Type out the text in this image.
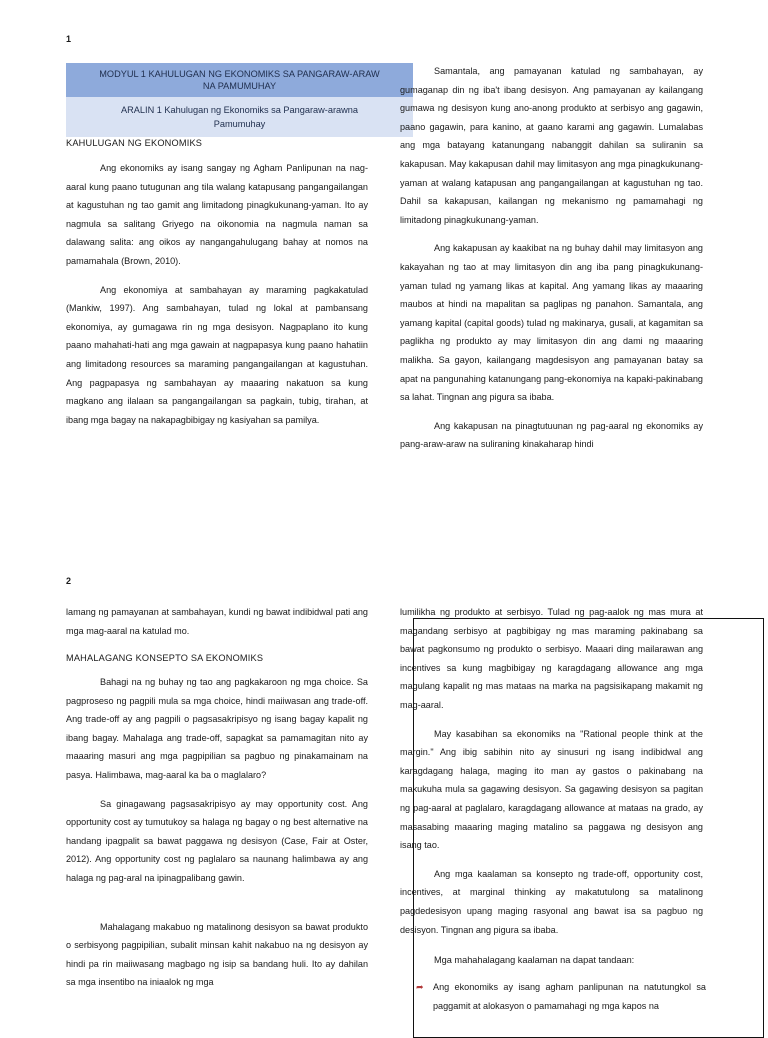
1
MODYUL 1 KAHULUGAN NG EKONOMIKS SA PANGARAW-ARAW NA PAMUMUHAY
ARALIN 1 Kahulugan ng Ekonomiks sa Pangaraw-arawna Pamumuhay
KAHULUGAN NG EKONOMIKS

Ang ekonomiks ay isang sangay ng Agham Panlipunan na nag-aaral kung paano tutugunan ang tila walang katapusang pangangailangan at kagustuhan ng tao gamit ang limitadong pinagkukunang-yaman. Ito ay nagmula sa salitang Griyego na oikonomia na nagmula naman sa dalawang salita: ang oikos ay nangangahulugang bahay at nomos na pamamahala (Brown, 2010).

Ang ekonomiya at sambahayan ay maraming pagkakatulad (Mankiw, 1997). Ang sambahayan, tulad ng lokal at pambansang ekonomiya, ay gumagawa rin ng mga desisyon. Nagpaplano ito kung paano mahahati-hati ang mga gawain at nagpapasya kung paano hahatiin ang limitadong resources sa maraming pangangailangan at kagustuhan. Ang pagpapasya ng sambahayan ay maaaring nakatuon sa kung magkano ang ilalaan sa pangangailangan sa pagkain, tubig, tirahan, at ibang mga bagay na nakapagbibigay ng kasiyahan sa pamilya.

Samantala, ang pamayanan katulad ng sambahayan, ay gumaganap din ng iba't ibang desisyon. Ang pamayanan ay kailangang gumawa ng desisyon kung ano-anong produkto at serbisyo ang gagawin, paano gagawin, para kanino, at gaano karami ang gagawin. Lumalabas ang mga batayang katanungang nabanggit dahilan sa suliranin sa kakapusan. May kakapusan dahil may limitasyon ang mga pinagkukunang-yaman at walang katapusan ang pangangailangan at kagustuhan ng tao. Dahil sa kakapusan, kailangan ng mekanismo ng pamamahagi ng limitadong pinagkukunang-yaman.

Ang kakapusan ay kaakibat na ng buhay dahil may limitasyon ang kakayahan ng tao at may limitasyon din ang iba pang pinagkukunang-yaman tulad ng yamang likas at kapital. Ang yamang likas ay maaaring maubos at hindi na mapalitan sa paglipas ng panahon. Samantala, ang yamang kapital (capital goods) tulad ng makinarya, gusali, at kagamitan sa paglikha ng produkto ay may limitasyon din ang dami ng maaaring malikha. Sa gayon, kailangang magdesisyon ang pamayanan batay sa apat na pangunahing katanungang pang-ekonomiya na kapaki-pakinabang sa lahat. Tingnan ang pigura sa ibaba.

Ang kakapusan na pinagtutuunan ng pag-aaral ng ekonomiks ay pang-araw-araw na suliraning kinakaharap hindi

2

lamang ng pamayanan at sambahayan, kundi ng bawat indibidwal pati ang mga mag-aaral na katulad mo.

MAHALAGANG KONSEPTO SA EKONOMIKS

Bahagi na ng buhay ng tao ang pagkakaroon ng mga choice. Sa pagproseso ng pagpili mula sa mga choice, hindi maiiwasan ang trade-off. Ang trade-off ay ang pagpili o pagsasakripisyo ng isang bagay kapalit ng ibang bagay. Mahalaga ang trade-off, sapagkat sa pamamagitan nito ay maaaring masuri ang mga pagpipilian sa pagbuo ng pinakamainam na pasya. Halimbawa, mag-aaral ka ba o maglalaro?

Sa ginagawang pagsasakripisyo ay may opportunity cost. Ang opportunity cost ay tumutukoy sa halaga ng bagay o ng best alternative na handang ipagpalit sa bawat paggawa ng desisyon (Case, Fair at Oster, 2012). Ang opportunity cost ng paglalaro sa naunang halimbawa ay ang halaga ng pag-aral na ipinagpalibang gawin.

Mahalagang makabuo ng matalinong desisyon sa bawat produkto o serbisyong pagpipilian, subalit minsan kahit nakabuo na ng desisyon ay hindi pa rin maiiwasang magbago ng isip sa bandang huli. Ito ay dahilan sa mga insentibo na iniaalok ng mga

lumilikha ng produkto at serbisyo. Tulad ng pag-aalok ng mas mura at magandang serbisyo at pagbibigay ng mas maraming pakinabang sa bawat pagkonsumo ng produkto o serbisyo. Maaari ding mailarawan ang incentives sa kung magbibigay ng karagdagang allowance ang mga magulang kapalit ng mas mataas na marka na pagsisikapang makamit ng mag-aaral.

May kasabihan sa ekonomiks na "Rational people think at the margin." Ang ibig sabihin nito ay sinusuri ng isang indibidwal ang karagdagang halaga, maging ito man ay gastos o pakinabang na makukuha mula sa gagawing desisyon. Sa gagawing desisyon sa pagitan ng pag-aaral at paglalaro, karagdagang allowance at mataas na grado, ay masasabing maaaring maging matalino sa paggawa ng desisyon ang isang tao.

Ang mga kaalaman sa konsepto ng trade-off, opportunity cost, incentives, at marginal thinking ay makatutulong sa matalinong pagdedesisyon upang maging rasyonal ang bawat isa sa pagbuo ng desisyon. Tingnan ang pigura sa ibaba.

Mga mahahalagang kaalaman na dapat tandaan:
➦ Ang ekonomiks ay isang agham panlipunan na natutungkol sa paggamit at alokasyon o pamamahagi ng mga kapos na
